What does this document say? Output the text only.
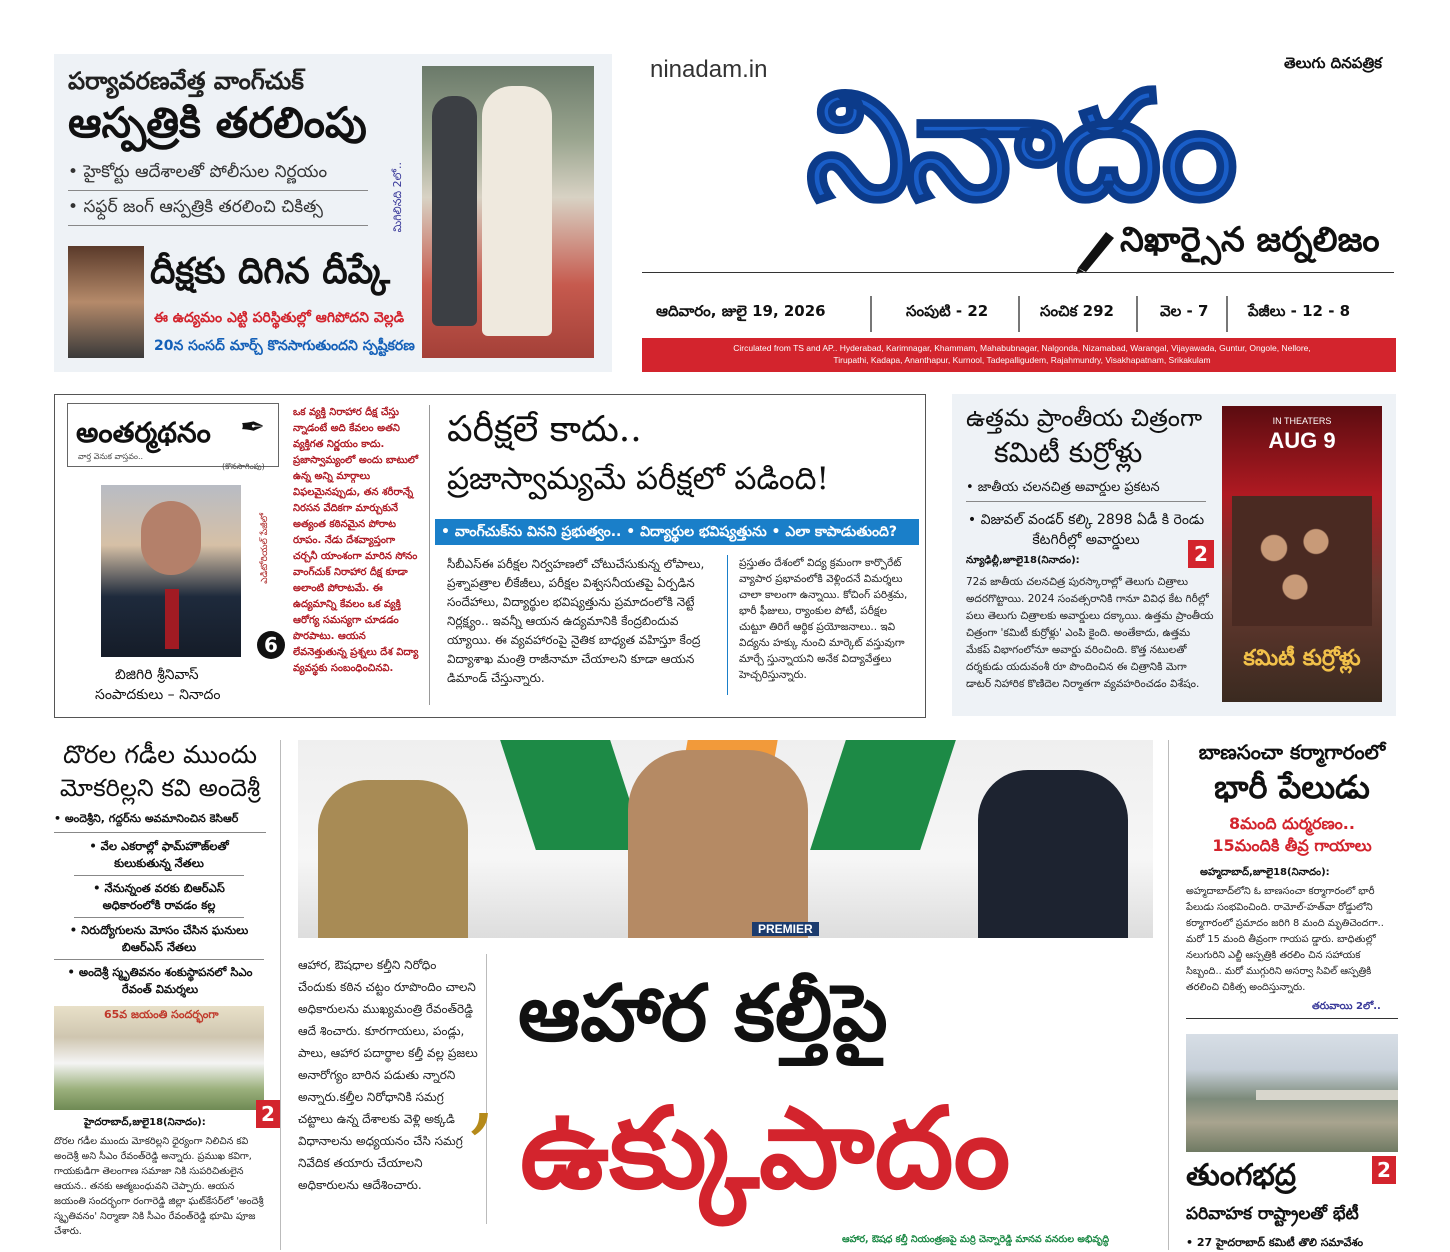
పర్యావరణవేత్త వాంగ్‌చుక్
ఆస్పత్రికి తరలింపు
• హైకోర్టు ఆదేశాలతో పోలీసుల నిర్ణయం
• సఫ్దర్ జంగ్ ఆస్పత్రికి తరలించి చికిత్స	మిగిలినది 2లో..
దీక్షకు దిగిన దీప్కే
ఈ ఉద్యమం ఎట్టి పరిస్థితుల్లో ఆగిపోదని వెల్లడి
20న సంసద్ మార్చ్ కొనసాగుతుందని స్పష్టీకరణ
ninadam.in	తెలుగు దినపత్రిక
నినాదం
నిఖార్సైన జర్నలిజం
ఆదివారం, జులై 19, 2026	సంపుటి - 22	సంచిక 292	వెల - 7	పేజీలు - 12 - 8
Circulated from TS and AP.. Hyderabad, Karimnagar, Khammam, Mahabubnagar, Nalgonda, Nizamabad, Warangal, Vijayawada, Guntur, Ongole, Nellore, Tirupathi, Kadapa, Ananthapur, Kurnool, Tadepalligudem, Rajahmundry, Visakhapatnam, Srikakulam
అంతర్మథనం ✒
వార్త వెనుక వాస్తవం..
(కొనసాగింపు)
6
ఎడిటోరియల్ పేజీలో
బిజిగిరి శ్రీనివాస్
సంపాదకులు – నినాదం
ఒక వ్యక్తి నిరాహార దీక్ష చేస్తు న్నాడంటే అది కేవలం అతని వ్యక్తిగత నిర్ణయం కాదు. ప్రజాస్వామ్యంలో అందు బాటులో ఉన్న అన్ని మార్గాలు విఫలమైనప్పుడు, తన శరీరాన్నే నిరసన వేదికగా మార్చుకునే అత్యంత కఠినమైన పోరాట రూపం. నేడు దేశవ్యాప్తంగా చర్చనీ యాంశంగా మారిన సోనం వాంగ్‌చుక్ నిరాహార దీక్ష కూడా అలాంటి పోరాటమే. ఈ ఉద్యమాన్ని కేవలం ఒక వ్యక్తి ఆరోగ్య సమస్యగా చూడడం పొరపాటు. ఆయన లేవనెత్తుతున్న ప్రశ్నలు దేశ విద్యా వ్యవస్థకు సంబంధించినవి.
పరీక్షలే కాదు..
ప్రజాస్వామ్యమే పరీక్షలో పడింది!
• వాంగ్‌చుక్‌ను వినని ప్రభుత్వం.. • విద్యార్థుల భవిష్యత్తును • ఎలా కాపాడుతుంది?
సీబీఎస్‌ఈ పరీక్షల నిర్వహణలో చోటుచేసుకున్న లోపాలు, ప్రశ్నాపత్రాల లీకేజీలు, పరీక్షల విశ్వసనీయతపై ఏర్పడిన సందేహాలు, విద్యార్థుల భవిష్యత్తును ప్రమాదంలోకి నెట్టే నిర్లక్ష్యం.. ఇవన్నీ ఆయన ఉద్యమానికి కేంద్రబిందువ య్యాయి. ఈ వ్యవహారంపై నైతిక బాధ్యత వహిస్తూ కేంద్ర విద్యాశాఖ మంత్రి రాజీనామా చేయాలని కూడా ఆయన డిమాండ్ చేస్తున్నారు.
ప్రస్తుతం దేశంలో విద్య క్రమంగా కార్పొరేట్ వ్యాపార ప్రభావంలోకి వెళ్లిందనే విమర్శలు చాలా కాలంగా ఉన్నాయి. కోచింగ్ పరిశ్రమ, భారీ ఫీజులు, ర్యాంకుల పోటీ, పరీక్షల చుట్టూ తిరిగే ఆర్థిక ప్రయోజనాలు.. ఇవి విద్యను హక్కు నుంచి మార్కెట్ వస్తువుగా మార్చే స్తున్నాయని అనేక విద్యావేత్తలు హెచ్చరిస్తున్నారు.
ఉత్తమ ప్రాంతీయ చిత్రంగా
కమిటీ కుర్రోళ్లు
• జాతీయ చలనచిత్ర అవార్డుల ప్రకటన
• విజువల్ వండర్ కల్కి 2898 ఏడీ కి రెండు కేటగిరీల్లో అవార్డులు
న్యూఢిల్లీ,జూలై18(నినాదం):
72వ జాతీయ చలనచిత్ర పురస్కారాల్లో తెలుగు చిత్రాలు అదరగొట్టాయి. 2024 సంవత్సరానికి గానూ వివిధ కేట గిరీల్లో పలు తెలుగు చిత్రాలకు అవార్డులు దక్కాయి. ఉత్తమ ప్రాంతీయ చిత్రంగా 'కమిటీ కుర్రోళ్లు' ఎంపి కైంది. అంతేకాదు, ఉత్తమ మేకప్ విభాగంలోనూ అవార్డు వరించింది. కొత్త నటులతో దర్శకుడు యదువంశీ రూ పొందించిన ఈ చిత్రానికి మెగా డాటర్ నిహారిక కొణిదెల నిర్మాతగా వ్యవహరించడం విశేషం.
2
IN THEATERS
AUG 9
కమిటీ కుర్రోళ్లు
దొరల గడీల ముందు
మోకరిల్లని కవి అందెశ్రీ
• అందెశ్రీని, గద్దర్‌ను అవమానించిన కెసిఆర్
• వేల ఎకరాల్లో ఫామ్‌హౌజ్‌లతో కులుకుతున్న నేతలు
• నేనున్నంత వరకు బిఆర్‌ఎస్ అధికారంలోకి రావడం కల్ల
• నిరుద్యోగులను మోసం చేసిన ఘనులు బిఆర్‌ఎస్ నేతలు
• అందెశ్రీ స్మృతివనం శంకుస్థాపనలో సిఎం రేవంత్ విమర్శలు
65వ జయంతి సందర్భంగా
2
హైదరాబాద్,జులై18(నినాదం):
దొరల గడీల ముందు మోకరిల్లని ధైర్యంగా నిలిచిన కవి అందెశ్రీ అని సీఎం రేవంత్‌రెడ్డి అన్నారు. ప్రముఖ కవిగా, గాయకుడిగా తెలంగాణ సమాజా నికి సుపరిచితులైన ఆయన.. తనకు ఆత్మబంధువని చెప్పారు. ఆయన జయంతి సందర్భంగా రంగారెడ్డి జిల్లా ఘట్‌కేసర్‌లో 'అందెశ్రీ స్మృతివనం' నిర్మాణా నికి సీఎం రేవంత్‌రెడ్డి భూమి పూజ చేశారు.
PREMIER
ఆహార, ఔషధాల కల్తీని నిరోధిం చేందుకు కఠిన చట్టం రూపొందిం చాలని అధికారులను ముఖ్యమంత్రి రేవంత్‌రెడ్డి ఆదే శించారు. కూరగాయలు, పండ్లు, పాలు, ఆహార పదార్థాల కల్తీ వల్ల ప్రజలు అనారోగ్యం బారిన పడుతు న్నారని అన్నారు.కల్తీల నిరోధానికి సమగ్ర చట్టాలు ఉన్న దేశాలకు వెళ్లి అక్కడి విధానాలను అధ్యయనం చేసి సమగ్ర నివేదిక తయారు చేయాలని అధికారులను ఆదేశించారు.
,
ఆహార కల్తీపై
ఉక్కుపాదం
ఆహార, ఔషధ కల్తీ నియంత్రణపై మర్రి చెన్నారెడ్డి మానవ వనరుల అభివృద్ధి
బాణసంచా కర్మాగారంలో
భారీ పేలుడు
8మంది దుర్మరణం..
15మందికి తీవ్ర గాయాలు
అహ్మదాబాద్,జూలై18(నినాదం):
అహ్మదాబాద్‌లోని ఓ బాణసంచా కర్మాగారంలో భారీ పేలుడు సంభవించింది. రామోల్-హత్‌వా రోడ్డులోని కర్మాగారంలో ప్రమాదం జరిగి 8 మంది మృతిచెందగా.. మరో 15 మంది తీవ్రంగా గాయప డ్డారు. బాధితుల్లో నలుగురిని ఎల్జీ ఆస్పత్రికి తరలిం చిన సహాయక సిబ్బంది.. మరో ముగ్గురిని అసర్వా సివిల్ ఆస్పత్రికి తరలించి చికిత్స అందిస్తున్నారు.
తరువాయి 2లో..
2
తుంగభద్ర
పరివాహక రాష్ట్రాలతో భేటీ
• 27 హైదరాబాద్ కమిటీ తొలి సమావేశం
